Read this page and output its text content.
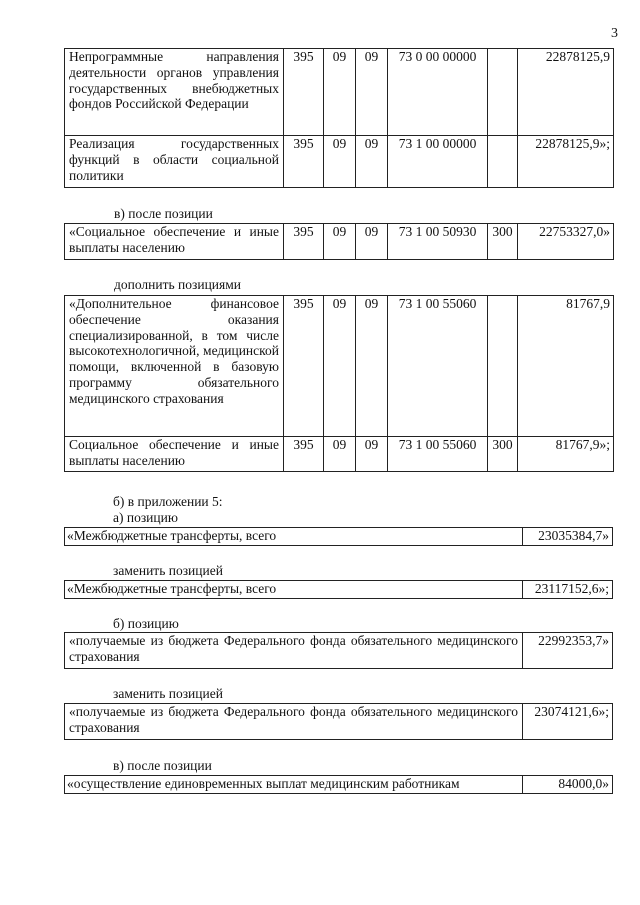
3
Непрограммные направления деятельности органов управления государственных внебюджетных фондов Российской Федерации	395	09	09	73 0 00 00000		22878125,9
Реализация государственных функций в области социальной политики	395	09	09	73 1 00 00000		22878125,9»;
в) после позиции
«Социальное обеспечение и иные выплаты населению	395	09	09	73 1 00 50930	300	22753327,0»
дополнить позициями
«Дополнительное финансовое обеспечение оказания специализированной, в том числе высокотехнологичной, медицинской помощи, включенной в базовую программу обязательного медицинского страхования	395	09	09	73 1 00 55060		81767,9
Социальное обеспечение и иные выплаты населению	395	09	09	73 1 00 55060	300	81767,9»;
б) в приложении 5:
а) позицию
«Межбюджетные трансферты, всего	23035384,7»
заменить позицией
«Межбюджетные трансферты, всего	23117152,6»;
б) позицию
«получаемые из бюджета Федерального фонда обязательного медицинского страхования	22992353,7»
заменить позицией
«получаемые из бюджета Федерального фонда обязательного медицинского страхования	23074121,6»;
в) после позиции
«осуществление единовременных выплат медицинским работникам	84000,0»
